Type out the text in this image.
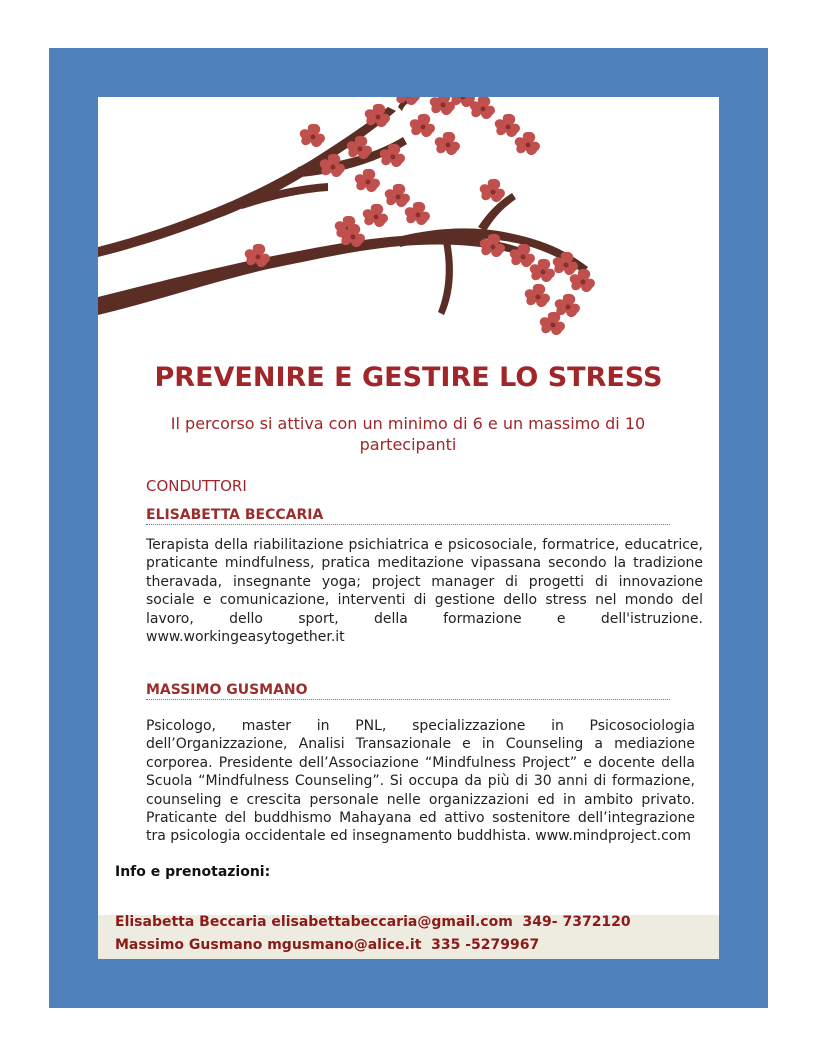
PREVENIRE E GESTIRE LO STRESS
Il percorso si attiva con un minimo di 6 e un massimo di 10 partecipanti
CONDUTTORI
ELISABETTA BECCARIA
Terapista della riabilitazione psichiatrica e psicosociale, formatrice, educatrice, praticante mindfulness, pratica meditazione vipassana secondo la tradizione theravada, insegnante yoga; project manager di progetti di innovazione sociale e comunicazione, interventi di gestione dello stress nel mondo del lavoro, dello sport, della formazione e dell'istruzione. www.workingeasytogether.it
MASSIMO GUSMANO
Psicologo, master in PNL, specializzazione in Psicosociologia dell’Organizzazione, Analisi Transazionale e in Counseling a mediazione corporea. Presidente dell’Associazione “Mindfulness Project” e docente della Scuola “Mindfulness Counseling”. Si occupa da più di 30 anni di formazione, counseling e crescita personale nelle organizzazioni ed in ambito privato. Praticante del buddhismo Mahayana ed attivo sostenitore dell’integrazione tra psicologia occidentale ed insegnamento buddhista. www.mindproject.com
Info e prenotazioni:
Elisabetta Beccaria elisabettabeccaria@gmail.com  349- 7372120
Massimo Gusmano mgusmano@alice.it  335 -5279967
